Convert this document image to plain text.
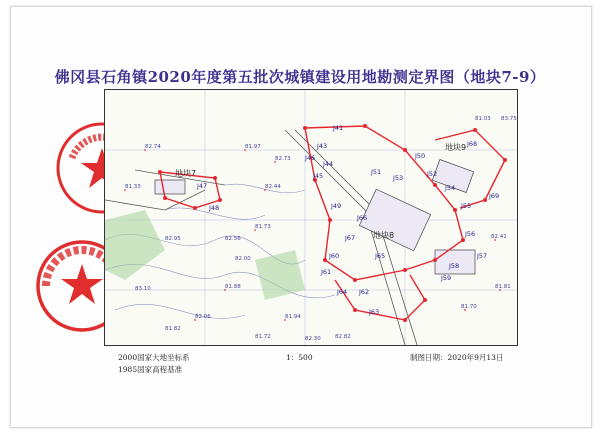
佛冈县石角镇2020年度第五批次城镇建设用地勘测定界图（地块7-9）
地块7
地块8
地块9
J41
J43
J44
J45
J46
J47
J48	J49
J50
J51	J52
J53
J54
J55
J56
J57
J58
J59
J60
J61
J62
J63
J64
J65
J66
J67
J68
J69
81.97
82.73
81.73
81.88
82.06	81.94
82.41
81.81
81.70
82.74
81.33	82.44
82.95
83.10
82.00
82.30
83.75
81.03
82.56
81.82
81.72	82.82
2000国家大地坐标系
1985国家高程基准
1：500	制图日期：2020年9月13日
